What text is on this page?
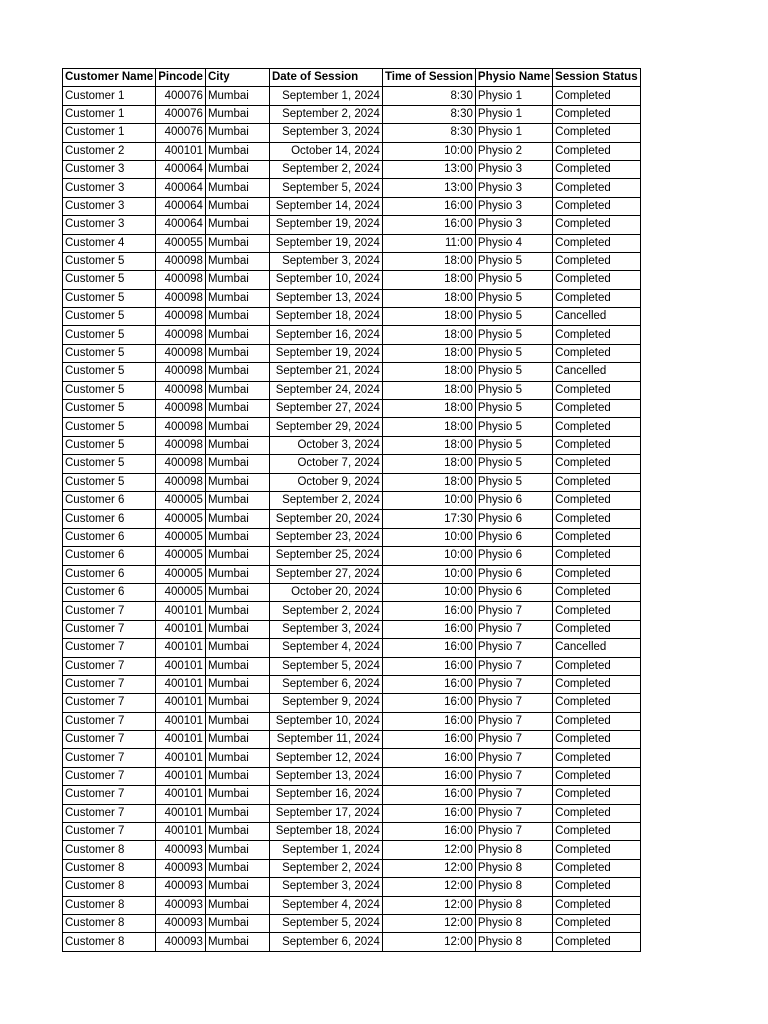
Customer Name	Pincode	City	Date of Session	Time of Session	Physio Name	Session Status
Customer 1	400076	Mumbai	September 1, 2024	8:30	Physio 1	Completed
Customer 1	400076	Mumbai	September 2, 2024	8:30	Physio 1	Completed
Customer 1	400076	Mumbai	September 3, 2024	8:30	Physio 1	Completed
Customer 2	400101	Mumbai	October 14, 2024	10:00	Physio 2	Completed
Customer 3	400064	Mumbai	September 2, 2024	13:00	Physio 3	Completed
Customer 3	400064	Mumbai	September 5, 2024	13:00	Physio 3	Completed
Customer 3	400064	Mumbai	September 14, 2024	16:00	Physio 3	Completed
Customer 3	400064	Mumbai	September 19, 2024	16:00	Physio 3	Completed
Customer 4	400055	Mumbai	September 19, 2024	11:00	Physio 4	Completed
Customer 5	400098	Mumbai	September 3, 2024	18:00	Physio 5	Completed
Customer 5	400098	Mumbai	September 10, 2024	18:00	Physio 5	Completed
Customer 5	400098	Mumbai	September 13, 2024	18:00	Physio 5	Completed
Customer 5	400098	Mumbai	September 18, 2024	18:00	Physio 5	Cancelled
Customer 5	400098	Mumbai	September 16, 2024	18:00	Physio 5	Completed
Customer 5	400098	Mumbai	September 19, 2024	18:00	Physio 5	Completed
Customer 5	400098	Mumbai	September 21, 2024	18:00	Physio 5	Cancelled
Customer 5	400098	Mumbai	September 24, 2024	18:00	Physio 5	Completed
Customer 5	400098	Mumbai	September 27, 2024	18:00	Physio 5	Completed
Customer 5	400098	Mumbai	September 29, 2024	18:00	Physio 5	Completed
Customer 5	400098	Mumbai	October 3, 2024	18:00	Physio 5	Completed
Customer 5	400098	Mumbai	October 7, 2024	18:00	Physio 5	Completed
Customer 5	400098	Mumbai	October 9, 2024	18:00	Physio 5	Completed
Customer 6	400005	Mumbai	September 2, 2024	10:00	Physio 6	Completed
Customer 6	400005	Mumbai	September 20, 2024	17:30	Physio 6	Completed
Customer 6	400005	Mumbai	September 23, 2024	10:00	Physio 6	Completed
Customer 6	400005	Mumbai	September 25, 2024	10:00	Physio 6	Completed
Customer 6	400005	Mumbai	September 27, 2024	10:00	Physio 6	Completed
Customer 6	400005	Mumbai	October 20, 2024	10:00	Physio 6	Completed
Customer 7	400101	Mumbai	September 2, 2024	16:00	Physio 7	Completed
Customer 7	400101	Mumbai	September 3, 2024	16:00	Physio 7	Completed
Customer 7	400101	Mumbai	September 4, 2024	16:00	Physio 7	Cancelled
Customer 7	400101	Mumbai	September 5, 2024	16:00	Physio 7	Completed
Customer 7	400101	Mumbai	September 6, 2024	16:00	Physio 7	Completed
Customer 7	400101	Mumbai	September 9, 2024	16:00	Physio 7	Completed
Customer 7	400101	Mumbai	September 10, 2024	16:00	Physio 7	Completed
Customer 7	400101	Mumbai	September 11, 2024	16:00	Physio 7	Completed
Customer 7	400101	Mumbai	September 12, 2024	16:00	Physio 7	Completed
Customer 7	400101	Mumbai	September 13, 2024	16:00	Physio 7	Completed
Customer 7	400101	Mumbai	September 16, 2024	16:00	Physio 7	Completed
Customer 7	400101	Mumbai	September 17, 2024	16:00	Physio 7	Completed
Customer 7	400101	Mumbai	September 18, 2024	16:00	Physio 7	Completed
Customer 8	400093	Mumbai	September 1, 2024	12:00	Physio 8	Completed
Customer 8	400093	Mumbai	September 2, 2024	12:00	Physio 8	Completed
Customer 8	400093	Mumbai	September 3, 2024	12:00	Physio 8	Completed
Customer 8	400093	Mumbai	September 4, 2024	12:00	Physio 8	Completed
Customer 8	400093	Mumbai	September 5, 2024	12:00	Physio 8	Completed
Customer 8	400093	Mumbai	September 6, 2024	12:00	Physio 8	Completed
